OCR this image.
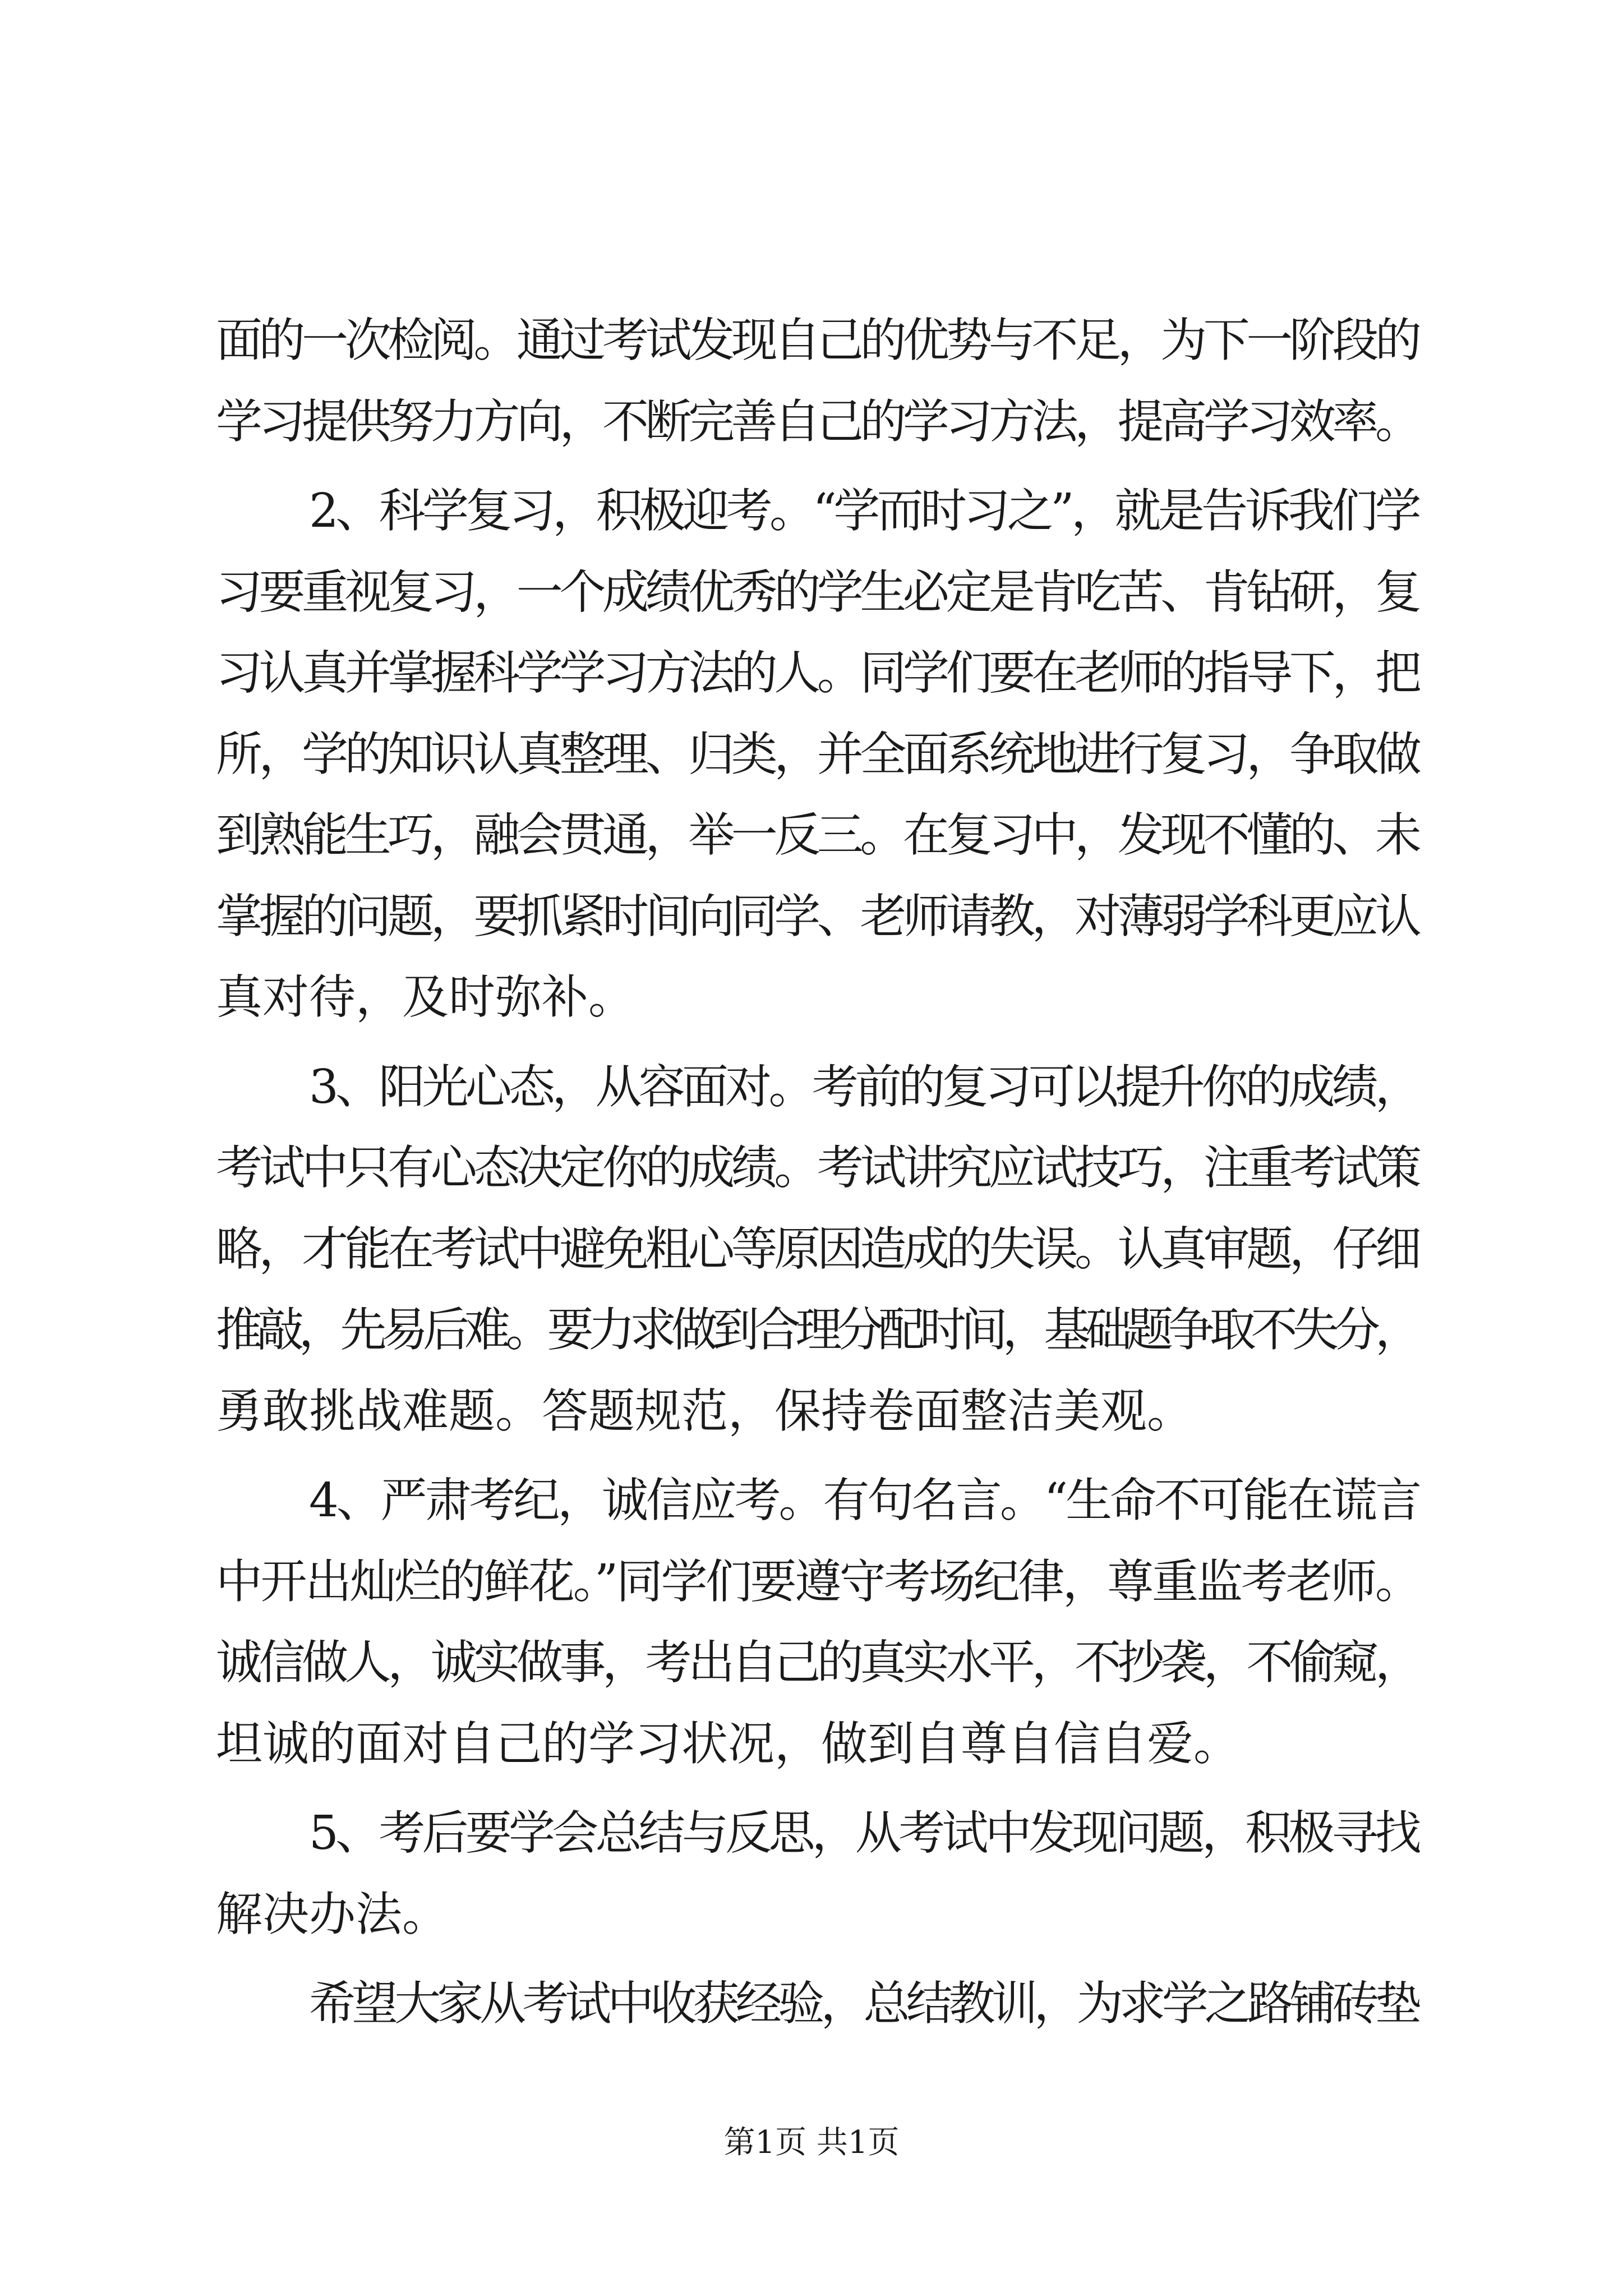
面的一次检阅。通过考试发现自己的优势与不足，为下一阶段的
学习提供努力方向，不断完善自己的学习方法，提高学习效率。
2、科学复习，积极迎考。“学而时习之”，就是告诉我们学
习要重视复习，一个成绩优秀的学生必定是肯吃苦、肯钻研，复
习认真并掌握科学学习方法的人。同学们要在老师的指导下，把
所，学的知识认真整理、归类，并全面系统地进行复习，争取做
到熟能生巧，融会贯通，举一反三。在复习中，发现不懂的、未
掌握的问题，要抓紧时间向同学、老师请教，对薄弱学科更应认
真对待，及时弥补。
3、阳光心态，从容面对。考前的复习可以提升你的成绩，
考试中只有心态决定你的成绩。考试讲究应试技巧，注重考试策
略，才能在考试中避免粗心等原因造成的失误。认真审题，仔细
推敲，先易后难。要力求做到合理分配时间，基础题争取不失分，
勇敢挑战难题。答题规范，保持卷面整洁美观。
4、严肃考纪，诚信应考。有句名言。“生命不可能在谎言
中开出灿烂的鲜花。”同学们要遵守考场纪律，尊重监考老师。
诚信做人，诚实做事，考出自己的真实水平，不抄袭，不偷窥，
坦诚的面对自己的学习状况，做到自尊自信自爱。
5、考后要学会总结与反思，从考试中发现问题，积极寻找
解决办法。
希望大家从考试中收获经验，总结教训，为求学之路铺砖垫
第1页 共1页
